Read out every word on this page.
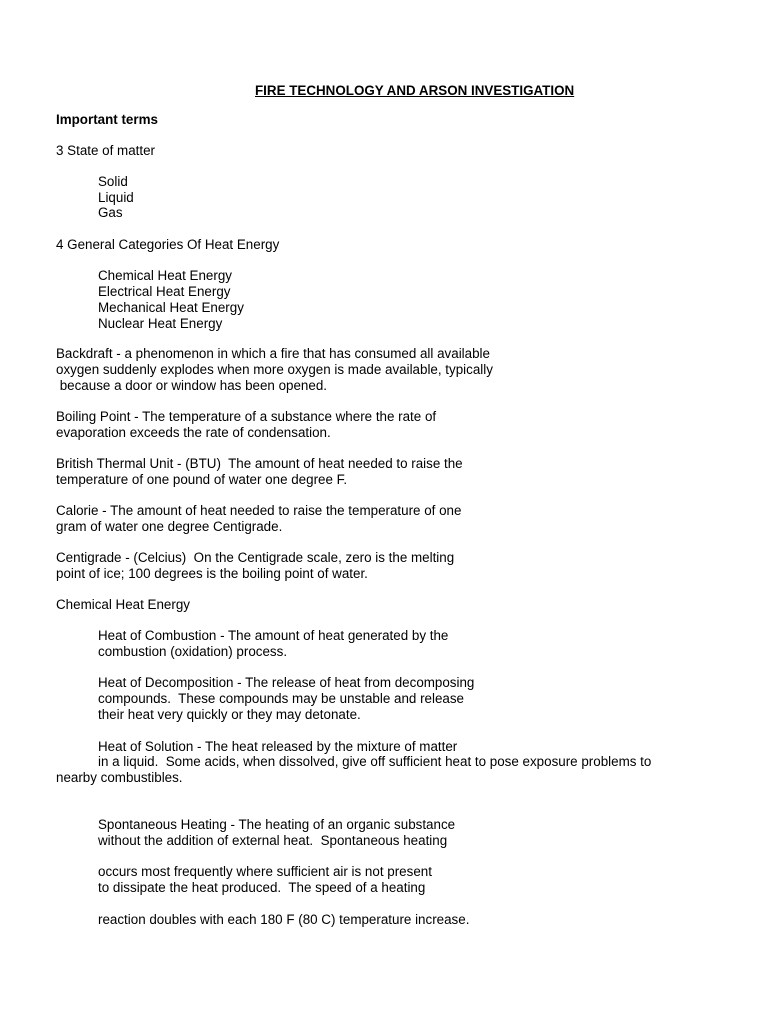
FIRE TECHNOLOGY AND ARSON INVESTIGATION
Important terms
3 State of matter
Solid
Liquid
Gas
4 General Categories Of Heat Energy
Chemical Heat Energy
Electrical Heat Energy
Mechanical Heat Energy
Nuclear Heat Energy
Backdraft - a phenomenon in which a fire that has consumed all available
oxygen suddenly explodes when more oxygen is made available, typically
because a door or window has been opened.
Boiling Point - The temperature of a substance where the rate of
evaporation exceeds the rate of condensation.
British Thermal Unit - (BTU)  The amount of heat needed to raise the
temperature of one pound of water one degree F.
Calorie - The amount of heat needed to raise the temperature of one
gram of water one degree Centigrade.
Centigrade - (Celcius)  On the Centigrade scale, zero is the melting
point of ice; 100 degrees is the boiling point of water.
Chemical Heat Energy
Heat of Combustion - The amount of heat generated by the
combustion (oxidation) process.
Heat of Decomposition - The release of heat from decomposing
compounds.  These compounds may be unstable and release
their heat very quickly or they may detonate.
Heat of Solution - The heat released by the mixture of matter
in a liquid.  Some acids, when dissolved, give off sufficient heat to pose exposure problems to
nearby combustibles.
Spontaneous Heating - The heating of an organic substance
without the addition of external heat.  Spontaneous heating
occurs most frequently where sufficient air is not present
to dissipate the heat produced.  The speed of a heating
reaction doubles with each 180 F (80 C) temperature increase.
